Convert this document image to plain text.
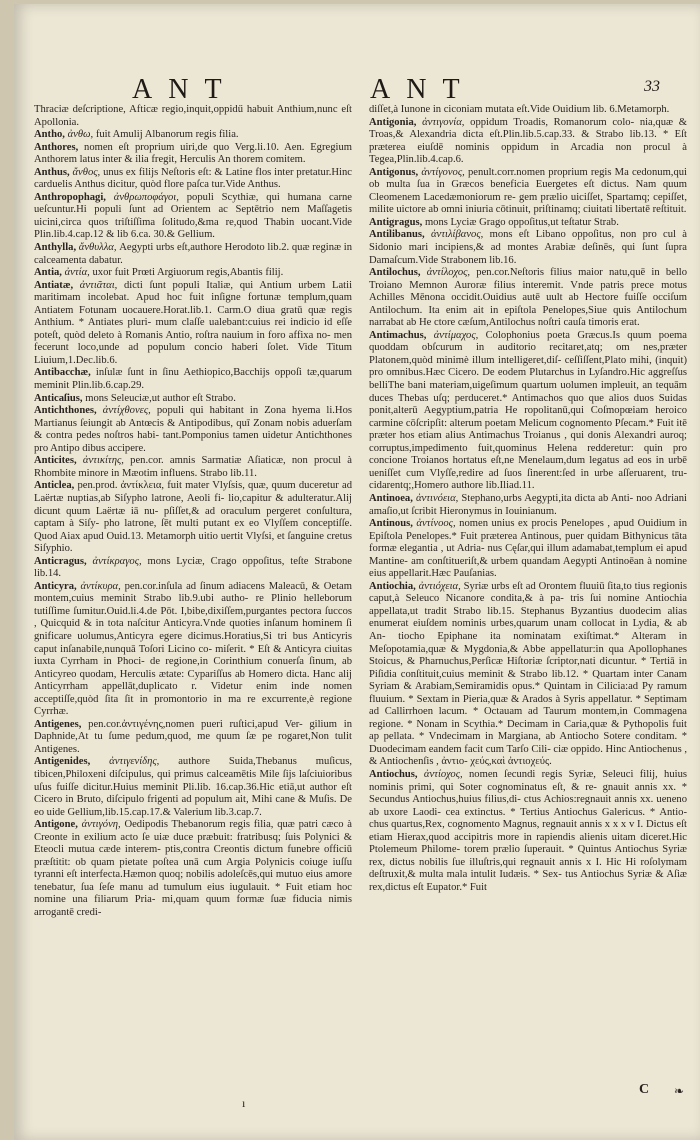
ANT	ANT	33

Thraciæ deſcriptione, Afticæ regio,inquit,oppidű habuit Anthium,nunc eſt Apollonia.

Antho, ἀνθω, fuit Amulij Albanorum regis filia.

Anthores, nomen eſt proprium uiri,de quo Verg.li.10. Aen. Egregium Anthorem latus inter & ilia fregit, Herculis An thorem comitem.

Anthus, ἄνθος, unus ex filijs Neſtoris eſt: & Latine flos inter pretatur.Hinc carduelis Anthus dicitur, quòd flore paſca tur.Vide Anthus.

Anthropophagi, ἀνθρωποφάγοι, populi Scythiæ, qui humana carne ueſcuntur.Hi populi ſunt ad Orientem ac Septētrio nem Maſſagetis uicini,circa quos triſtiſſima ſolitudo,&ma re,quod Thabin uocant.Vide Plin.lib.4.cap.12 & lib 6.ca. 30.& Gellium.

Anthylla, ἄνθυλλα, Aegypti urbs eſt,authore Herodoto lib.2. quæ reginæ in calceamenta dabatur.

Antia, ἀντία, uxor fuit Prœti Argiuorum regis,Abantis filij.

Antiatæ, ἀντιᾶται, dicti ſunt populi Italiæ, qui Antium urbem Latii maritimam incolebat. Apud hoc fuit inſigne fortunæ templum,quam Antiatem Fotunam uocauere.Horat.lib.1. Carm.O diua gratū quæ regis Anthium. * Antiates pluri- mum claſſe ualebant:cuius rei indicio id eſſe poteſt, quòd deleto à Romanis Antio, roſtra nauium in foro affixa no- men fecerunt loco,unde ad populum concio haberi ſolet. Vide Titum Liuium,1.Dec.lib.6.

Antibacchæ, inſulæ ſunt in ſinu Aethiopico,Bacchijs oppoſi tæ,quarum meminit Plin.lib.6.cap.29.

Anticaſius, mons Seleuciæ,ut author eſt Strabo.

Antichthones, ἀντίχθονες, populi qui habitant in Zona hyema li.Hos Martianus ſeiungit ab Antœcis & Antipodibus, quī Zonam nobis aduerſam & contra pedes noſtros habi- tant.Pomponius tamen uidetur Antichthones pro Antipo dibus accipere.

Anticites, ἀντικίτης, pen.cor. amnis Sarmatiæ Aſiaticæ, non procul à Rhombite minore in Mæotim influens. Strabo lib.11.

Anticlea, pen.prod. ἀντίκλεια, fuit mater Vlyſsis, quæ, quum duceretur ad Laërtæ nuptias,ab Siſypho latrone, Aeoli fi- lio,capitur & adulteratur.Alij dicunt quum Laërtæ iā nu- pſiſſet,& ad oraculum pergeret conſultura, captam à Siſy- pho latrone, ſēt multi putant ex eo Vlyſſem conceptiſſe. Quod Aiax apud Ouid.13. Metamorph uitio uertit Vlyſsi, et ſanguine cretus Siſyphio.

Anticragus, ἀντίκραγος, mons Lyciæ, Crago oppoſitus, teſte Strabone lib.14.

Anticyra, ἀντίκυρα, pen.cor.inſula ad ſinum adiacens Maleacū, & Oetam montem,cuius meminit Strabo lib.9.ubi autho- re Plinio helleborum tutiſſime ſumitur.Ouid.li.4.de Pōt. I,bibe,dixiſſem,purgantes pectora ſuccos , Quicquid & in tota naſcitur Anticyra.Vnde quoties inſanum hominem ſi gnificare uolumus,Anticyra egere dicimus.Horatius,Si tri bus Anticyris caput inſanabile,nunquā Toſori Licino co- miſerit. * Eſt & Anticyra ciuitas iuxta Cyrrham in Phoci- de regione,in Corinthium conuerſa ſinum, ab Anticyreo quodam, Herculis ætate: Cypariſſus ab Homero dicta. Hanc alij Anticyrrham appellāt,duplicato r. Videtur enim inde nomen acceptiſſe,quòd ſita ſit in promontorio in ma re excurrente,è regione Cyrrhæ.

Antigenes, pen.cor.ἀντιγένης,nomen pueri ruſtici,apud Ver- gilium in Daphnide,At tu ſume pedum,quod, me quum ſæ pe rogaret,Non tulit Antigenes.

Antigenides, ἀντιγενίδης, authore Suida,Thebanus muſicus, tibicen,Philoxeni diſcipulus, qui primus calceamētis Mile ſijs laſciuioribus uſus fuiſſe dicitur.Huius meminit Pli.lib. 16.cap.36.Hic etiā,ut author eſt Cicero in Bruto, diſcipulo frigenti ad populum ait, Mihi cane & Muſis. De eo uide Gellium,lib.15.cap.17.& Valerium lib.3.cap.7.

Antigone, ἀντιγόνη, Oedipodis Thebanorum regis filia, quæ patri cæco à Creonte in exilium acto ſe uiæ duce præbuit: fratribusq; ſuis Polynici & Eteocli mutua cæde interem- ptis,contra Creontis dictum funebre officiū præſtitit: ob quam pietate poſtea unā cum Argia Polynicis coiuge iuſſu tyranni eſt interfecta.Hæmon quoq; nobilis adoleſcēs,qui mutuo eius amore tenebatur, ſua ſeſe manu ad tumulum eius iugulauit. * Fuit etiam hoc nomine una filiarum Pria- mi,quam quum formæ ſuæ fiducia nimis arrogantē credi-

diſſet,à Iunone in ciconiam mutata eſt.Vide Ouidium lib. 6.Metamorph.

Antigonia, ἀντιγονία, oppidum Troadis, Romanorum colo- nia,quæ & Troas,& Alexandria dicta eſt.Plin.lib.5.cap.33. & Strabo lib.13. * Eſt præterea eiuſdē nominis oppidum in Arcadia non procul à Tegea,Plin.lib.4.cap.6.

Antigonus, ἀντίγονος, penult.corr.nomen proprium regis Ma cedonum,qui ob multa ſua in Græcos beneficia Euergetes eſt dictus. Nam quum Cleomenem Lacedæmoniorum re- gem prælio uiciſſet, Spartamq; cepiſſet, milite uictore ab omni iniuria cōtinuit, priſtinamq; ciuitati libertatē reſtituit.

Antigragus, mons Lyciæ Grago oppoſitus,ut teſtatur Strab.

Antilibanus, ἀντιλίβανος, mons eſt Libano oppoſitus, non pro cul à Sidonio mari incipiens,& ad montes Arabiæ deſinēs, qui ſunt ſupra Damaſcum.Vide Strabonem lib.16.

Antilochus, ἀντίλοχος, pen.cor.Neſtoris filius maior natu,quē in bello Troiano Memnon Auroræ filius interemit. Vnde patris prece motus Achilles Mēnona occidit.Ouidius autē uult ab Hectore fuiſſe occiſum Antilochum. Ita enim ait in epiſtola Penelopes,Siue quis Antilochum narrabat ab He ctore cæſum,Antilochus noſtri cauſa timoris erat.

Antimachus, ἀντίμαχος, Colophonius poeta Græcus.Is quum poema quoddam obſcurum in auditorio recitaret,atq; om nes,præter Platonem,quòd minimè illum intelligeret,diſ- ceſſiſſent,Plato mihi, (inquit) pro omnibus.Hæc Cicero. De eodem Plutarchus in Lyſandro.Hic aggreſſus belliThe bani materiam,uigeſimum quartum uolumen impleuit, an tequām duces Thebas uſq; perduceret.* Antimachos quo que alios duos Suidas ponit,alterū Aegyptium,patria He ropolitanū,qui Coſmopœiam heroico carmine cōſcripſit: alterum poetam Melicum cognomento Pſecam.* Fuit itē præter hos etiam alius Antimachus Troianus , qui donis Alexandri auroq; corruptus,impedimento fuit,quominus Helena redderetur: quin pro concione Troianos hortatus eſt,ne Menelaum,dum legatus ad eos in urbē ueniſſet cum Vlyſſe,redire ad ſuos ſinerent:ſed in urbe aſſeruarent, tru- cidarentq;,Homero authore lib.Iliad.11.

Antinoea, ἀντινόεια, Stephano,urbs Aegypti,ita dicta ab Anti- noo Adriani amaſio,ut ſcribit Hieronymus in Iouinianum.

Antinous, ἀντίνοος, nomen unius ex procis Penelopes , apud Ouidium in Epiſtola Penelopes.* Fuit præterea Antinous, puer quidam Bithynicus tāta formæ elegantia , ut Adria- nus Cęſar,qui illum adamabat,templum ei apud Mantine- am conſtitueriſt,& urbem quandam Aegypti Antinoēan à nomine eius appellarit.Hæc Pauſanias.

Antiochia, ἀντιόχεια, Syriæ urbs eſt ad Orontem fluuiū ſita,to tius regionis caput,à Seleuco Nicanore condita,& à pa- tris ſui nomine Antiochia appellata,ut tradit Strabo lib.15. Stephanus Byzantius duodecim alias enumerat eiuſdem nominis urbes,quarum unam collocat in Lydia, & ab An- tiocho Epiphane ita nominatam exiſtimat.* Alteram in Meſopotamia,quæ & Mygdonia,& Abbe appellatur:in qua Apollophanes Stoicus, & Pharnuchus,Perſicæ Hiſtoriæ ſcriptor,nati dicuntur. * Tertiā in Piſidia conſtituit,cuius meminit & Strabo lib.12. * Quartam inter Canam Syriam & Arabiam,Semiramidis opus.* Quintam in Cilicia:ad Py ramum fluuium. * Sextam in Pieria,quæ & Arados à Syris appellatur. * Septimam ad Callirrhoen lacum. * Octauam ad Taurum montem,in Commagena regione. * Nonam in Scythia.* Decimam in Caria,quæ & Pythopolis fuit ap pellata. * Vndecimam in Margiana, ab Antiocho Sotere conditam. * Duodecimam eandem facit cum Tarſo Cili- ciæ oppido. Hinc Antiochenus , & Antiochenſis , ἀντιο- χεύς,καὶ ἀντιοχεύς.

Antiochus, ἀντίοχος, nomen ſecundi regis Syriæ, Seleuci filij, huius nominis primi, qui Soter cognominatus eſt, & re- gnauit annis xx. * Secundus Antiochus,huius filius,di- ctus Achios:regnauit annis xx. ueneno ab uxore Laodi- cea extinctus. * Tertius Antiochus Galericus. * Antio- chus quartus,Rex, cognomento Magnus, regnauit annis x x x v I. Dictus eſt etiam Hierax,quod accipitris more in rapiendis alienis uitam diceret.Hic Ptolemeum Philome- torem prælio ſuperauit. * Quintus Antiochus Syriæ rex, dictus nobilis ſue illuſtris,qui regnauit annis x I. Hic Hi roſolymam deſtruxit,& multa mala intulit Iudæis. * Sex- tus Antiochus Syriæ & Aſiæ rex,dictus eſt Eupator.* Fuit

C ❧
ı
